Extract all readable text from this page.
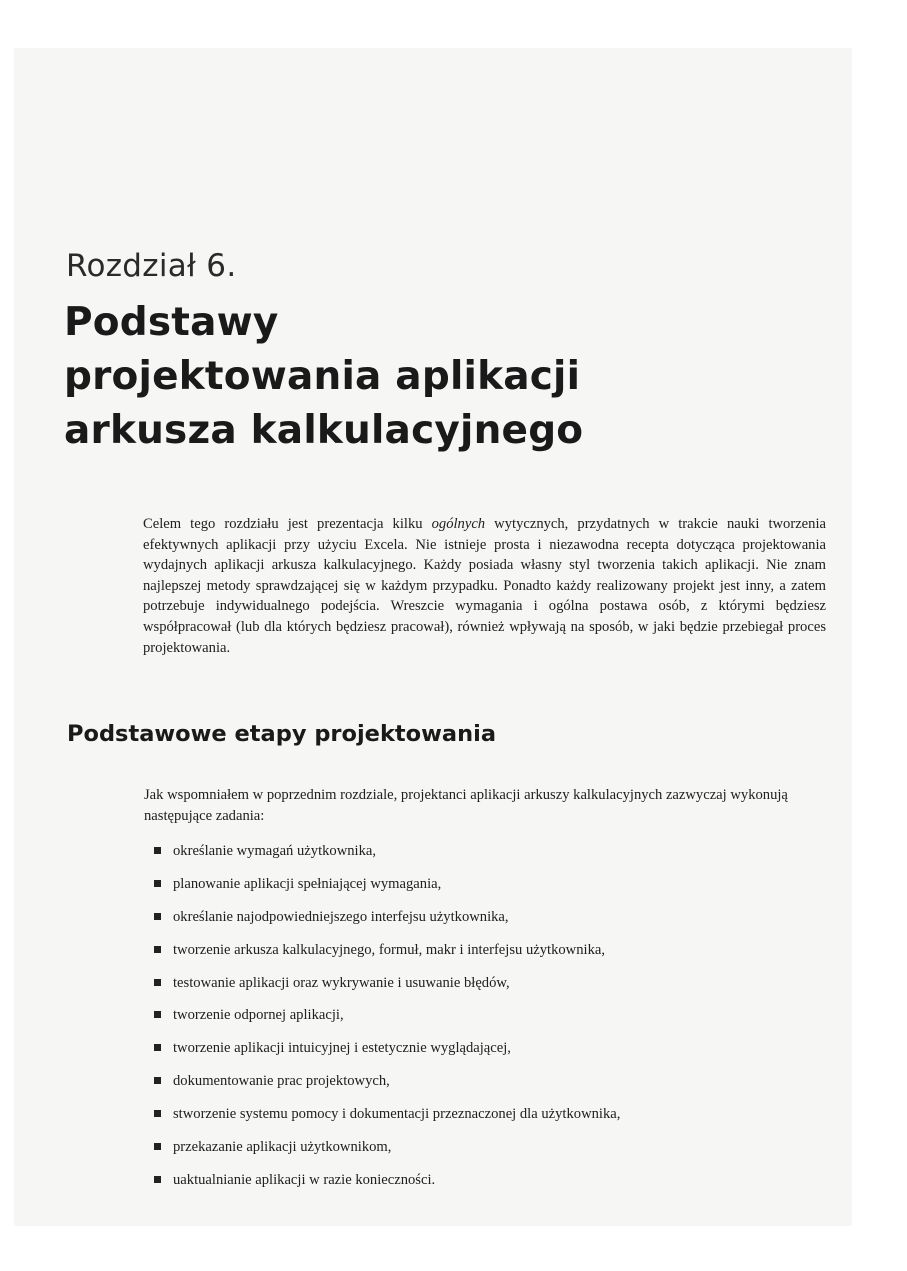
Rozdział 6.
Podstawy
projektowania aplikacji
arkusza kalkulacyjnego

Celem tego rozdziału jest prezentacja kilku ogólnych wytycznych, przydatnych w trakcie nauki tworzenia efektywnych aplikacji przy użyciu Excela. Nie istnieje prosta i niezawodna recepta dotycząca projektowania wydajnych aplikacji arkusza kalkulacyjnego. Każdy posiada własny styl tworzenia takich aplikacji. Nie znam najlepszej metody sprawdzającej się w każdym przypadku. Ponadto każdy realizowany projekt jest inny, a zatem potrzebuje indywidualnego podejścia. Wreszcie wymagania i ogólna postawa osób, z którymi będziesz współpracował (lub dla których będziesz pracował), również wpływają na sposób, w jaki będzie przebiegał proces projektowania.

Podstawowe etapy projektowania

Jak wspomniałem w poprzednim rozdziale, projektanci aplikacji arkuszy kalkulacyjnych zazwyczaj wykonują następujące zadania:

określanie wymagań użytkownika,
planowanie aplikacji spełniającej wymagania,
określanie najodpowiedniejszego interfejsu użytkownika,
tworzenie arkusza kalkulacyjnego, formuł, makr i interfejsu użytkownika,
testowanie aplikacji oraz wykrywanie i usuwanie błędów,
tworzenie odpornej aplikacji,
tworzenie aplikacji intuicyjnej i estetycznie wyglądającej,
dokumentowanie prac projektowych,
stworzenie systemu pomocy i dokumentacji przeznaczonej dla użytkownika,
przekazanie aplikacji użytkownikom,
uaktualnianie aplikacji w razie konieczności.
